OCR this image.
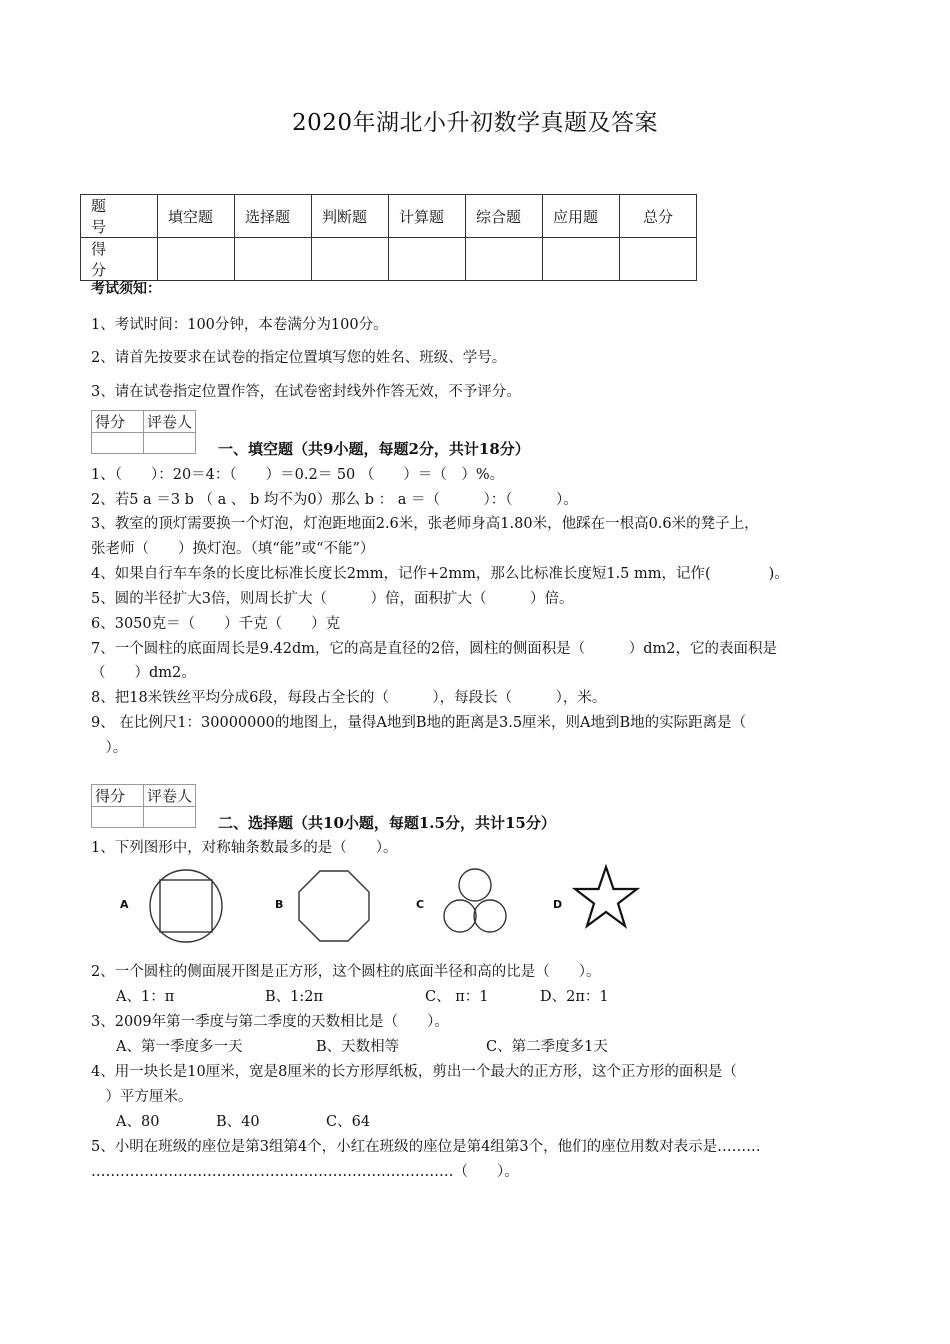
2020年湖北小升初数学真题及答案
题　号	填空题	选择题	判断题	计算题	综合题	应用题	总分
得　分							
考试须知：
1、考试时间：100分钟，本卷满分为100分。
2、请首先按要求在试卷的指定位置填写您的姓名、班级、学号。
3、请在试卷指定位置作答，在试卷密封线外作答无效，不予评分。
得分	评卷人

一、填空题（共9小题，每题2分，共计18分）
1、（　　）：20＝4：（　　）＝0.2＝ 50 （　　）＝（　）%。
2、若5 a ＝3 b （ a 、 b 均不为0）那么 b ： a ＝（　　　）：（　　　）。
3、教室的顶灯需要换一个灯泡，灯泡距地面2.6米，张老师身高1.80米，他踩在一根高0.6米的凳子上，
张老师（　　）换灯泡。（填“能”或“不能”）
4、如果自行车车条的长度比标准长度长2mm，记作+2mm，那么比标准长度短1.5 mm，记作(　　　　)。
5、圆的半径扩大3倍，则周长扩大（　　　）倍，面积扩大（　　　）倍。
6、3050克＝（　　）千克（　　）克
7、一个圆柱的底面周长是9.42dm，它的高是直径的2倍，圆柱的侧面积是（　　　）dm2，它的表面积是
（　　）dm2。
8、把18米铁丝平均分成6段，每段占全长的（　　　），每段长（　　　），米。
9、 在比例尺1：30000000的地图上，量得A地到B地的距离是3.5厘米，则A地到B地的实际距离是（
　）。
得分	评卷人

二、选择题（共10小题，每题1.5分，共计15分）
1、下列图形中，对称轴条数最多的是（　　）。
A	B	C	D
2、一个圆柱的侧面展开图是正方形，这个圆柱的底面半径和高的比是（　　）。
A、1：π	B、1:2π	C、 π：1	D、2π：1
3、2009年第一季度与第二季度的天数相比是（　　）。
A、第一季度多一天	B、天数相等	C、第二季度多1天
4、用一块长是10厘米，宽是8厘米的长方形厚纸板，剪出一个最大的正方形，这个正方形的面积是（
　）平方厘米。
A、80	B、40	C、64
5、小明在班级的座位是第3组第4个，小红在班级的座位是第4组第3个，他们的座位用数对表示是………
…………………………………………………………………（　　）。
